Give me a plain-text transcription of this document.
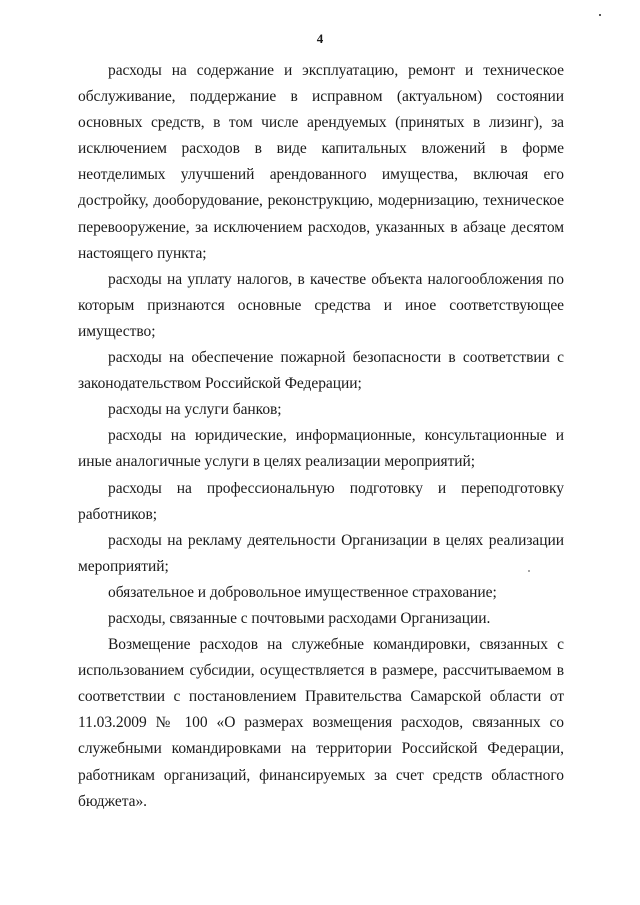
4

расходы на содержание и эксплуатацию, ремонт и техническое обслуживание, поддержание в исправном (актуальном) состоянии основных средств, в том числе арендуемых (принятых в лизинг), за исключением расходов в виде капитальных вложений в форме неотделимых улучшений арендованного имущества, включая его достройку, дооборудование, реконструкцию, модернизацию, техническое перевооружение, за исключением расходов, указанных в абзаце десятом настоящего пункта;

расходы на уплату налогов, в качестве объекта налогообложения по которым признаются основные средства и иное соответствующее имущество;

расходы на обеспечение пожарной безопасности в соответствии с законодательством Российской Федерации;

расходы на услуги банков;

расходы на юридические, информационные, консультационные и иные аналогичные услуги в целях реализации мероприятий;

расходы на профессиональную подготовку и переподготовку работников;

расходы на рекламу деятельности Организации в целях реализации мероприятий;

обязательное и добровольное имущественное страхование;

расходы, связанные с почтовыми расходами Организации.

Возмещение расходов на служебные командировки, связанных с использованием субсидии, осуществляется в размере, рассчитываемом в соответствии с постановлением Правительства Самарской области от 11.03.2009 № 100 «О размерах возмещения расходов, связанных со служебными командировками на территории Российской Федерации, работникам организаций, финансируемых за счет средств областного бюджета».
